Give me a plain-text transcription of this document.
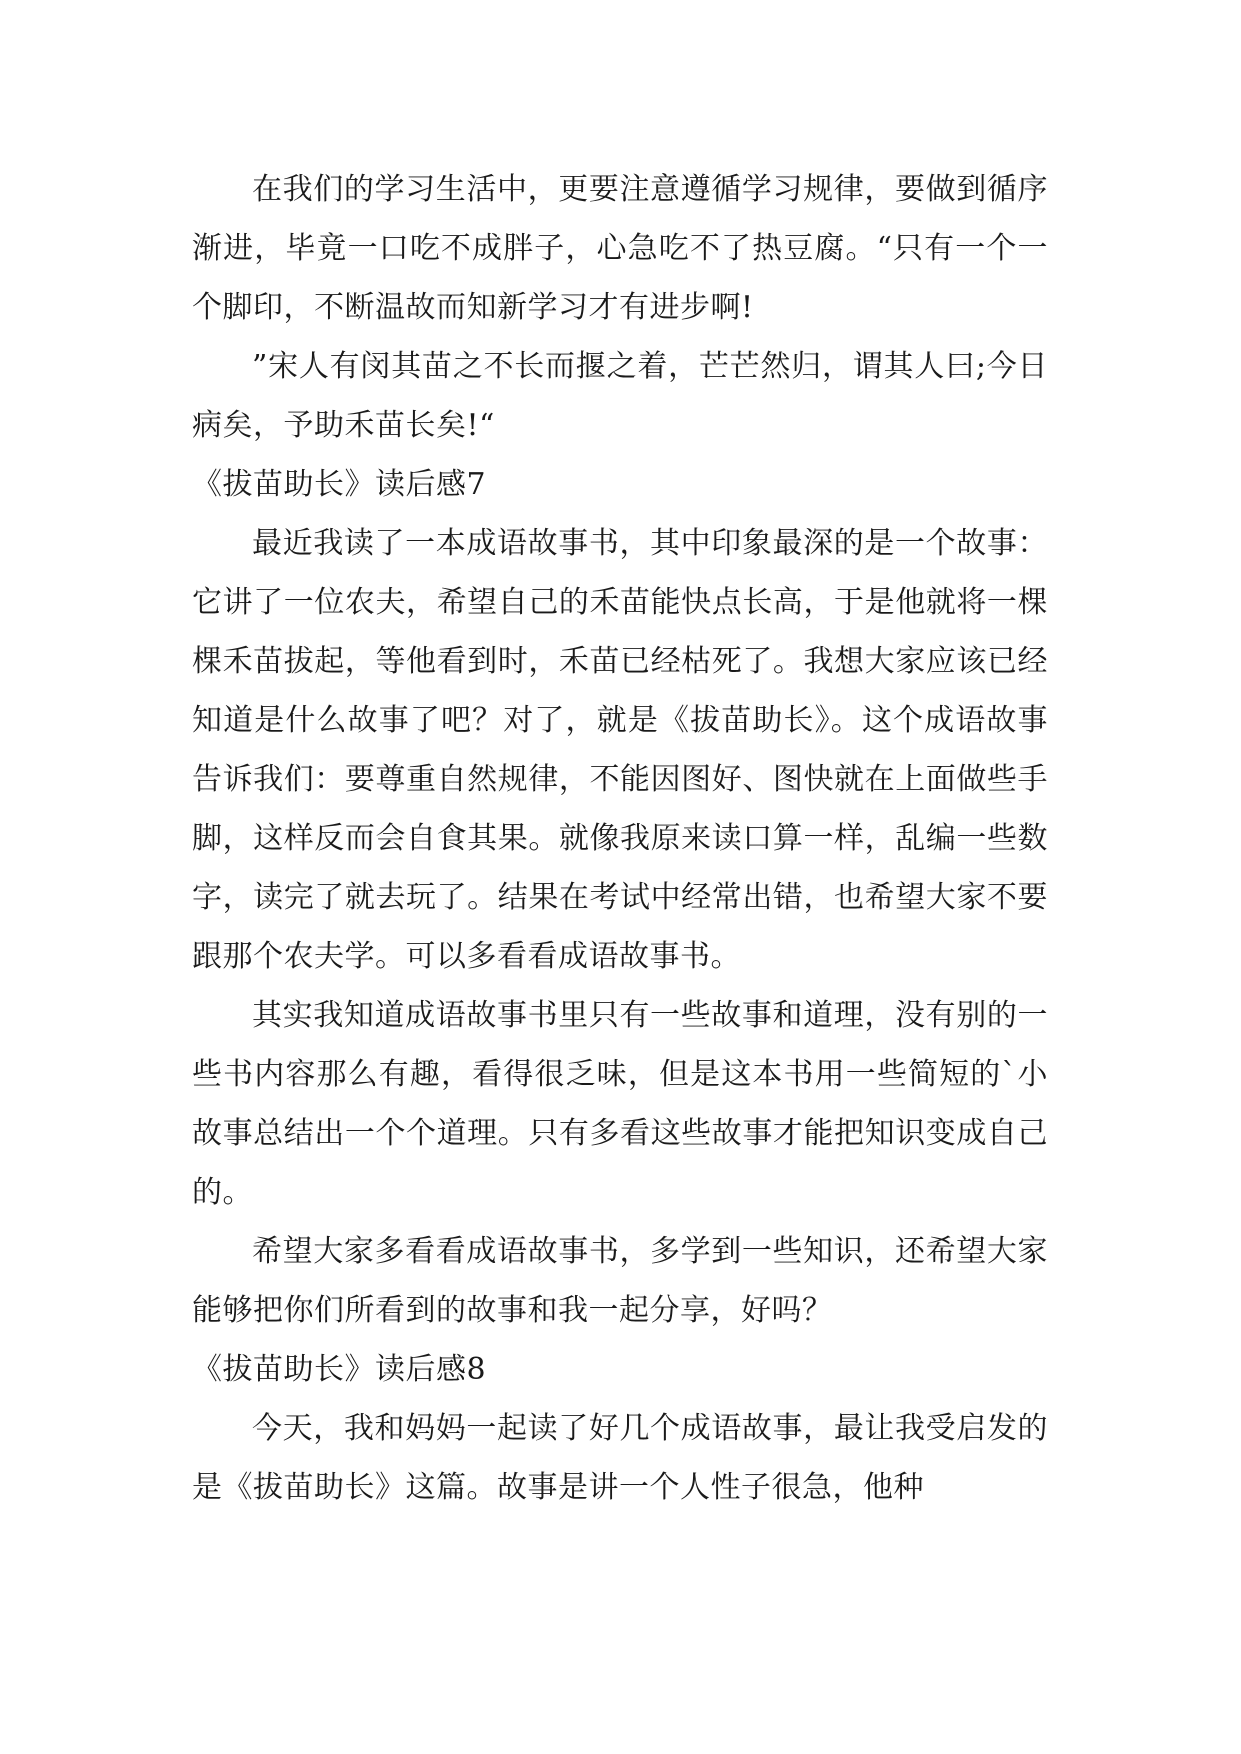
在我们的学习生活中，更要注意遵循学习规律，要做到循序渐进，毕竟一口吃不成胖子，心急吃不了热豆腐。“只有一个一个脚印，不断温故而知新学习才有进步啊!

”宋人有闵其苗之不长而揠之着，芒芒然归，谓其人曰;今日病矣，予助禾苗长矣!“

《拔苗助长》读后感7

最近我读了一本成语故事书，其中印象最深的是一个故事：它讲了一位农夫，希望自己的禾苗能快点长高，于是他就将一棵棵禾苗拔起，等他看到时，禾苗已经枯死了。我想大家应该已经知道是什么故事了吧？对了，就是《拔苗助长》。这个成语故事告诉我们：要尊重自然规律，不能因图好、图快就在上面做些手脚，这样反而会自食其果。就像我原来读口算一样，乱编一些数字，读完了就去玩了。结果在考试中经常出错，也希望大家不要跟那个农夫学。可以多看看成语故事书。

其实我知道成语故事书里只有一些故事和道理，没有别的一些书内容那么有趣，看得很乏味，但是这本书用一些简短的`小故事总结出一个个道理。只有多看这些故事才能把知识变成自己的。

希望大家多看看成语故事书，多学到一些知识，还希望大家能够把你们所看到的故事和我一起分享，好吗？

《拔苗助长》读后感8

今天，我和妈妈一起读了好几个成语故事，最让我受启发的是《拔苗助长》这篇。故事是讲一个人性子很急，他种
